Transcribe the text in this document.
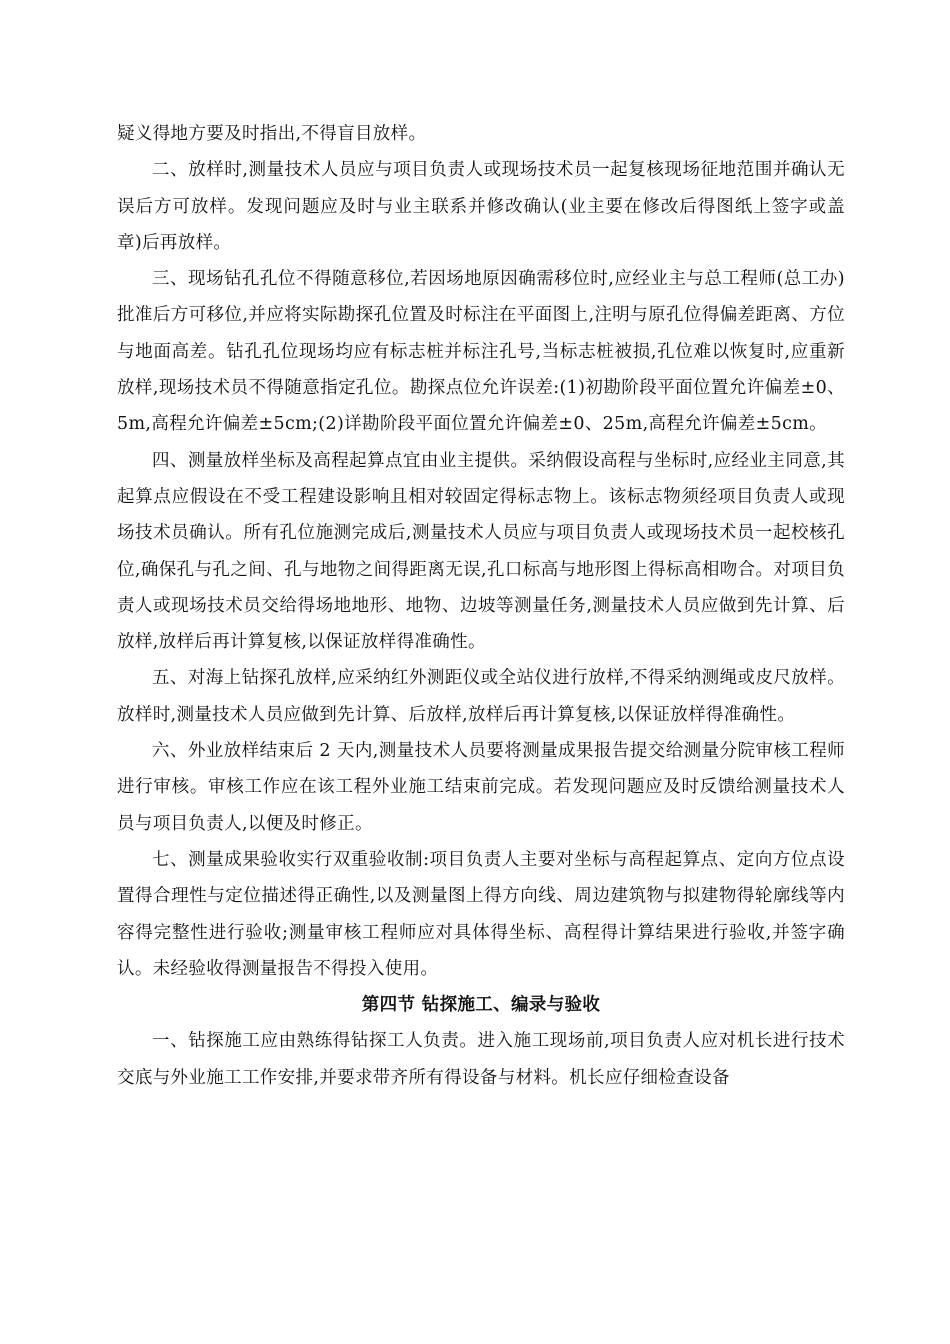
疑义得地方要及时指出,不得盲目放样。

二、放样时,测量技术人员应与项目负责人或现场技术员一起复核现场征地范围并确认无误后方可放样。发现问题应及时与业主联系并修改确认(业主要在修改后得图纸上签字或盖章)后再放样。

三、现场钻孔孔位不得随意移位,若因场地原因确需移位时,应经业主与总工程师(总工办)批准后方可移位,并应将实际勘探孔位置及时标注在平面图上,注明与原孔位得偏差距离、方位与地面高差。钻孔孔位现场均应有标志桩并标注孔号,当标志桩被损,孔位难以恢复时,应重新放样,现场技术员不得随意指定孔位。勘探点位允许误差:(1)初勘阶段平面位置允许偏差±0、5m,高程允许偏差±5cm;(2)详勘阶段平面位置允许偏差±0、25m,高程允许偏差±5cm。

四、测量放样坐标及高程起算点宜由业主提供。采纳假设高程与坐标时,应经业主同意,其起算点应假设在不受工程建设影响且相对较固定得标志物上。该标志物须经项目负责人或现场技术员确认。所有孔位施测完成后,测量技术人员应与项目负责人或现场技术员一起校核孔位,确保孔与孔之间、孔与地物之间得距离无误,孔口标高与地形图上得标高相吻合。对项目负责人或现场技术员交给得场地地形、地物、边坡等测量任务,测量技术人员应做到先计算、后放样,放样后再计算复核,以保证放样得准确性。

五、对海上钻探孔放样,应采纳红外测距仪或全站仪进行放样,不得采纳测绳或皮尺放样。放样时,测量技术人员应做到先计算、后放样,放样后再计算复核,以保证放样得准确性。

六、外业放样结束后 2 天内,测量技术人员要将测量成果报告提交给测量分院审核工程师进行审核。审核工作应在该工程外业施工结束前完成。若发现问题应及时反馈给测量技术人员与项目负责人,以便及时修正。

七、测量成果验收实行双重验收制:项目负责人主要对坐标与高程起算点、定向方位点设置得合理性与定位描述得正确性,以及测量图上得方向线、周边建筑物与拟建物得轮廓线等内容得完整性进行验收;测量审核工程师应对具体得坐标、高程得计算结果进行验收,并签字确认。未经验收得测量报告不得投入使用。

第四节 钻探施工、编录与验收

一、钻探施工应由熟练得钻探工人负责。进入施工现场前,项目负责人应对机长进行技术交底与外业施工工作安排,并要求带齐所有得设备与材料。机长应仔细检查设备
